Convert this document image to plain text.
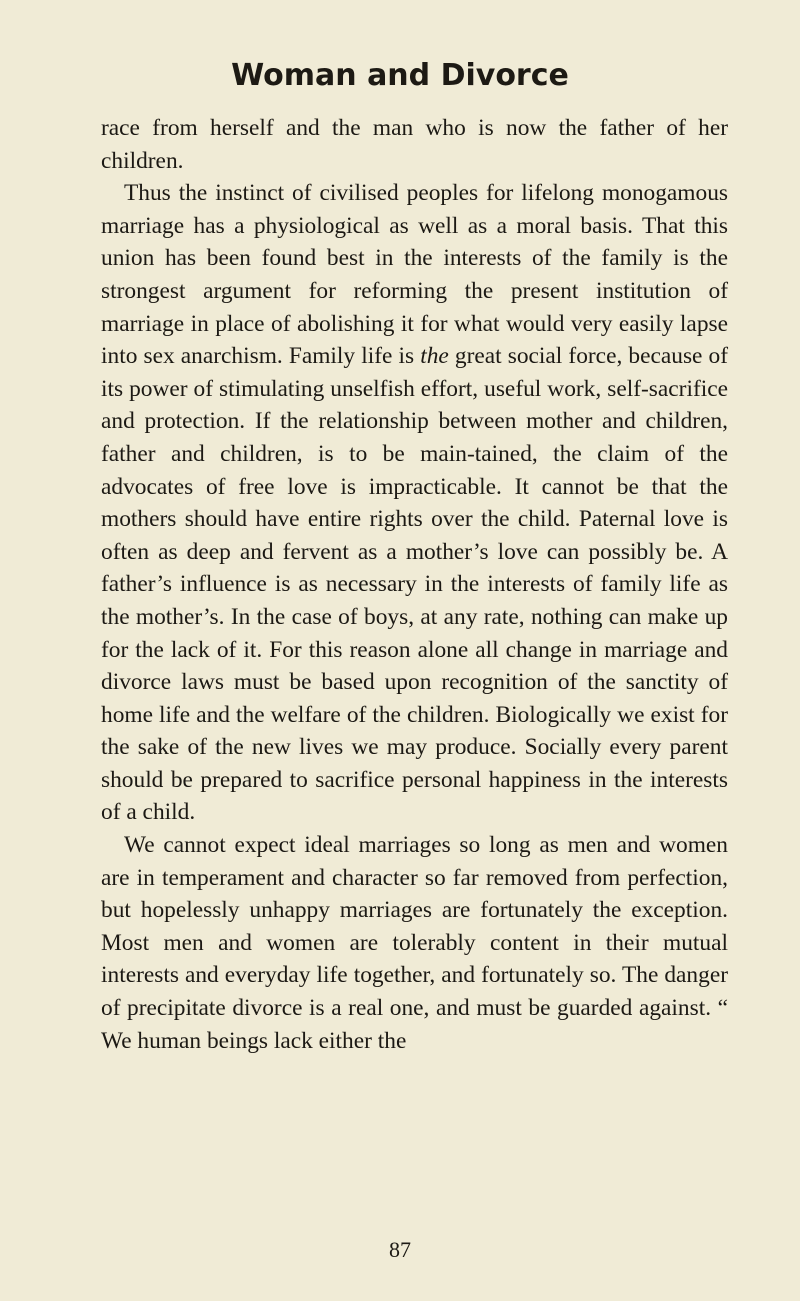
Woman and Divorce

race from herself and the man who is now the father of her children.

Thus the instinct of civilised peoples for lifelong monogamous marriage has a physiological as well as a moral basis. That this union has been found best in the interests of the family is the strongest argument for reforming the present institution of marriage in place of abolishing it for what would very easily lapse into sex anarchism. Family life is the great social force, because of its power of stimulating unselfish effort, useful work, self-sacrifice and protection. If the relationship between mother and children, father and children, is to be main-tained, the claim of the advocates of free love is impracticable. It cannot be that the mothers should have entire rights over the child. Paternal love is often as deep and fervent as a mother’s love can possibly be. A father’s influence is as necessary in the interests of family life as the mother’s. In the case of boys, at any rate, nothing can make up for the lack of it. For this reason alone all change in marriage and divorce laws must be based upon recognition of the sanctity of home life and the welfare of the children. Biologically we exist for the sake of the new lives we may produce. Socially every parent should be prepared to sacrifice personal happiness in the interests of a child.

We cannot expect ideal marriages so long as men and women are in temperament and character so far removed from perfection, but hopelessly unhappy marriages are fortunately the exception. Most men and women are tolerably content in their mutual interests and everyday life together, and fortunately so. The danger of precipitate divorce is a real one, and must be guarded against. “ We human beings lack either the

87
